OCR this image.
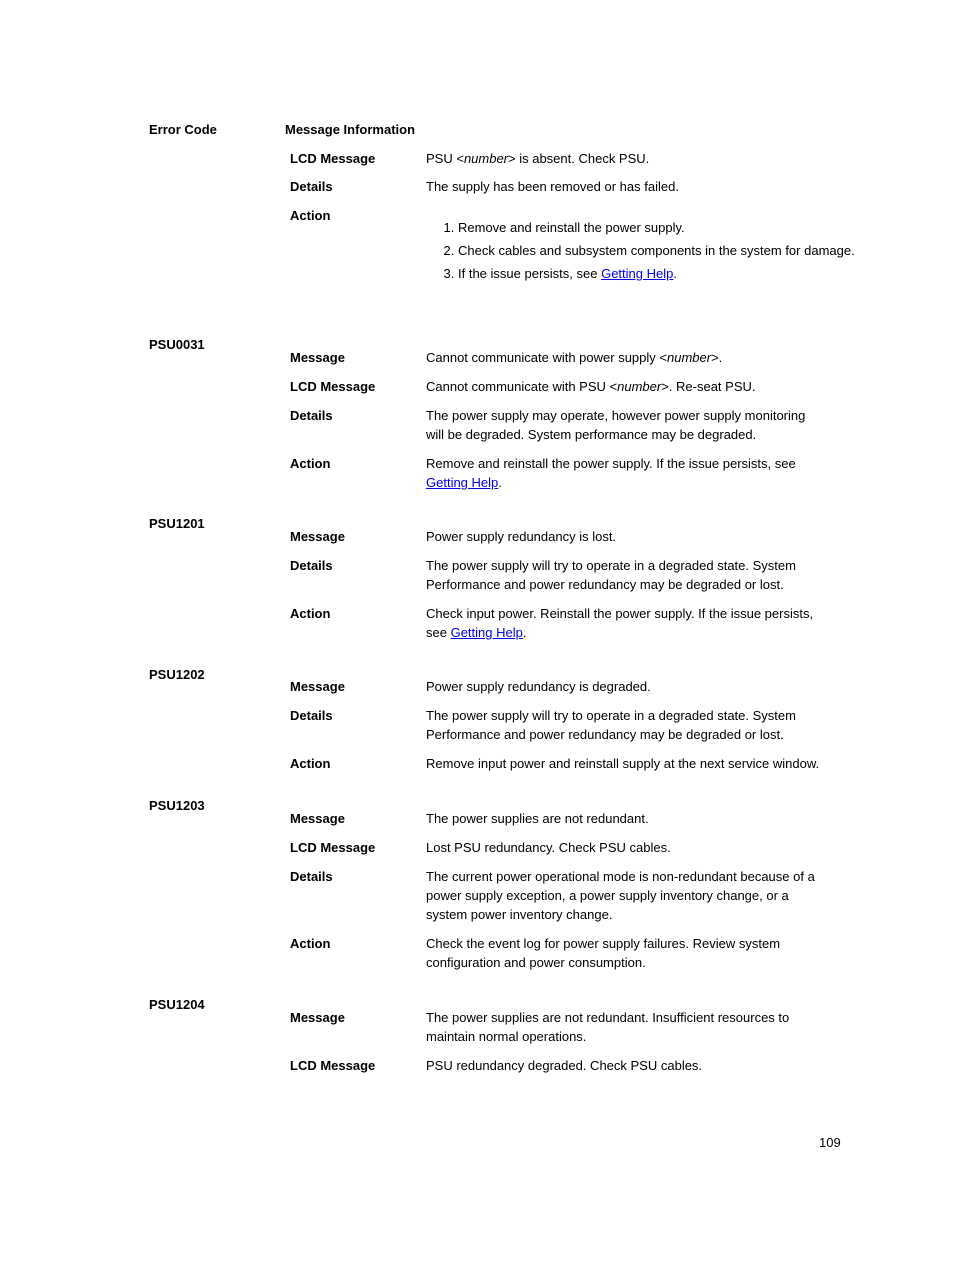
Error Code	Message Information
LCD Message	PSU <number> is absent. Check PSU.
Details	The supply has been removed or has failed.
Action
1. Remove and reinstall the power supply.
2. Check cables and subsystem components in the system for damage.
3. If the issue persists, see Getting Help.
PSU0031
Message	Cannot communicate with power supply <number>.
LCD Message	Cannot communicate with PSU <number>. Re-seat PSU.
Details	The power supply may operate, however power supply monitoring will be degraded. System performance may be degraded.
Action	Remove and reinstall the power supply. If the issue persists, see Getting Help.
PSU1201
Message	Power supply redundancy is lost.
Details	The power supply will try to operate in a degraded state. System Performance and power redundancy may be degraded or lost.
Action	Check input power. Reinstall the power supply. If the issue persists, see Getting Help.
PSU1202
Message	Power supply redundancy is degraded.
Details	The power supply will try to operate in a degraded state. System Performance and power redundancy may be degraded or lost.
Action	Remove input power and reinstall supply at the next service window.
PSU1203
Message	The power supplies are not redundant.
LCD Message	Lost PSU redundancy. Check PSU cables.
Details	The current power operational mode is non-redundant because of a power supply exception, a power supply inventory change, or a system power inventory change.
Action	Check the event log for power supply failures. Review system configuration and power consumption.
PSU1204
Message	The power supplies are not redundant. Insufficient resources to maintain normal operations.
LCD Message	PSU redundancy degraded. Check PSU cables.
109
